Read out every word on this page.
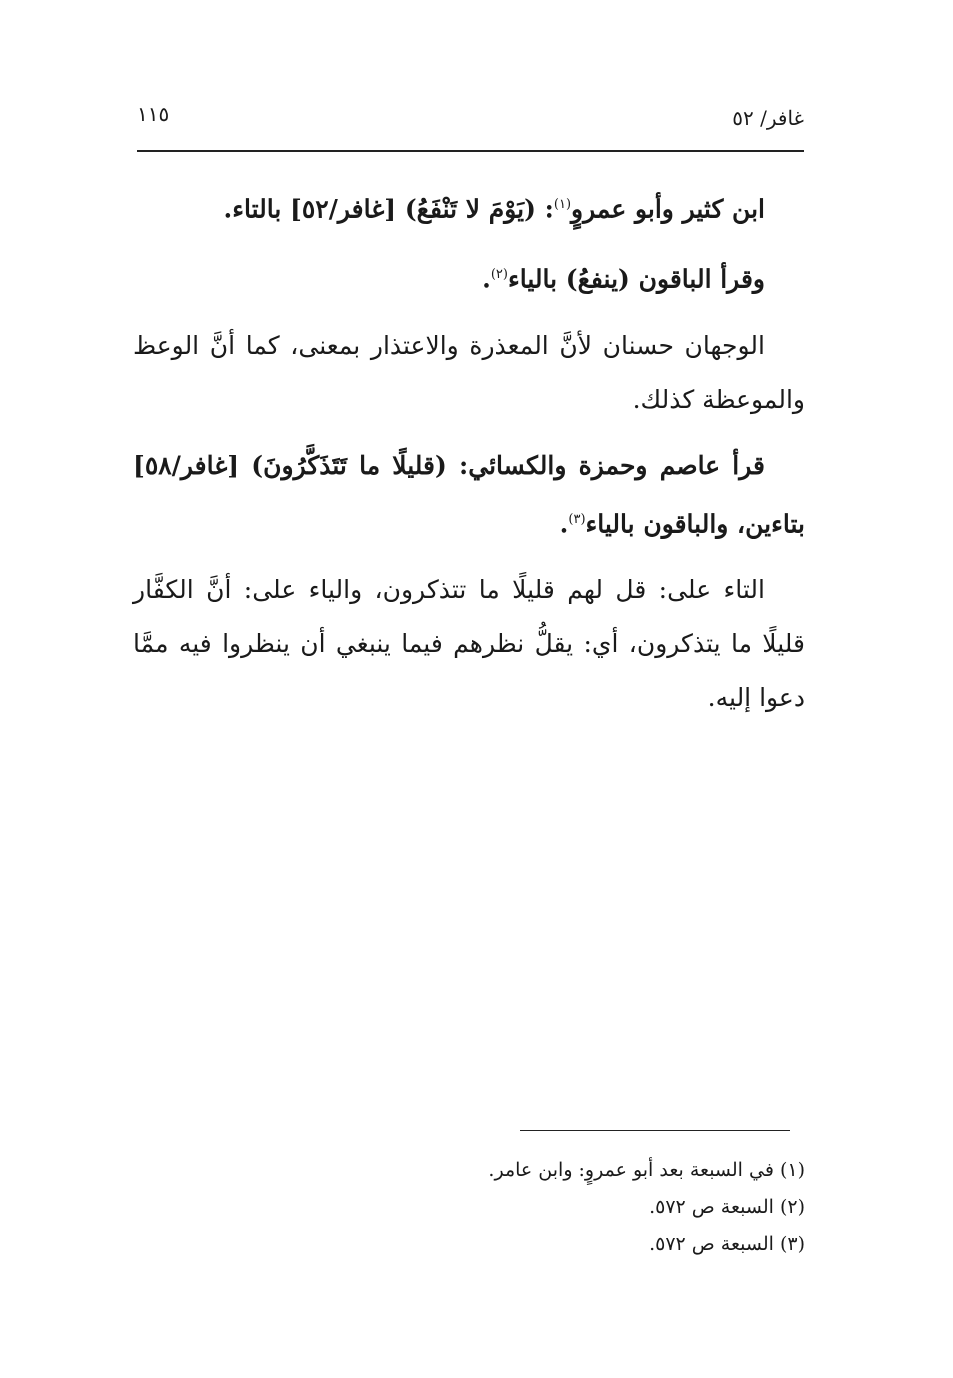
غافر/ ٥٢
١١٥

ابن كثير وأبو عمروٍ$^{(١)}$: (يَوْمَ لا تَنْفَعُ) [غافر/٥٢] بالتاء.

وقرأ الباقون (ينفعُ) بالياء$^{(٢)}$.

الوجهان حسنان لأنَّ المعذرة والاعتذار بمعنى، كما أنَّ الوعظ والموعظة كذلك.

قرأ عاصم وحمزة والكسائي: (قليلًا ما تَتَذَكَّرُونَ) [غافر/٥٨] بتاءين، والباقون بالياء$^{(٣)}$.

التاء على: قل لهم قليلًا ما تتذكرون، والياء على: أنَّ الكفَّار قليلًا ما يتذكرون، أي: يقلُّ نظرهم فيما ينبغي أن ينظروا فيه ممَّا دعوا إليه.

(١) في السبعة بعد أبو عمروٍ: وابن عامر.
(٢) السبعة ص ٥٧٢.
(٣) السبعة ص ٥٧٢.
